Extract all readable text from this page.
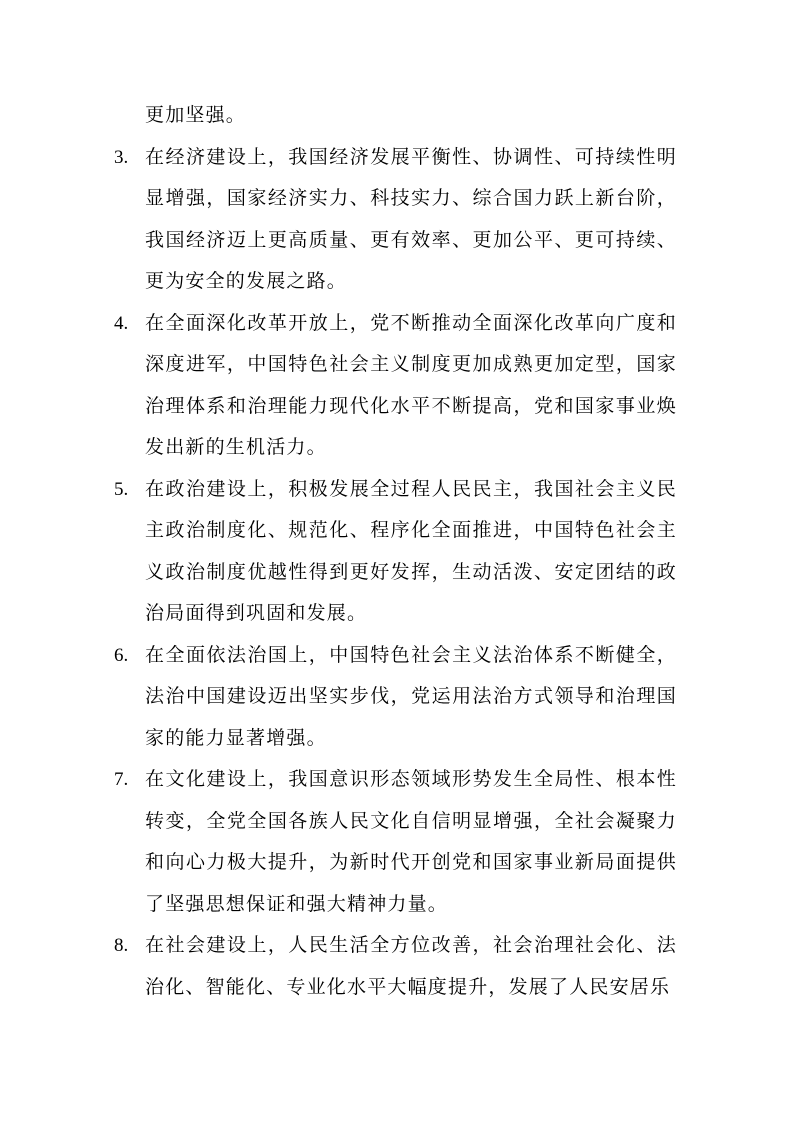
更加坚强。

3. 在经济建设上，我国经济发展平衡性、协调性、可持续性明显增强，国家经济实力、科技实力、综合国力跃上新台阶，我国经济迈上更高质量、更有效率、更加公平、更可持续、更为安全的发展之路。

4. 在全面深化改革开放上，党不断推动全面深化改革向广度和深度进军，中国特色社会主义制度更加成熟更加定型，国家治理体系和治理能力现代化水平不断提高，党和国家事业焕发出新的生机活力。

5. 在政治建设上，积极发展全过程人民民主，我国社会主义民主政治制度化、规范化、程序化全面推进，中国特色社会主义政治制度优越性得到更好发挥，生动活泼、安定团结的政治局面得到巩固和发展。

6. 在全面依法治国上，中国特色社会主义法治体系不断健全，法治中国建设迈出坚实步伐，党运用法治方式领导和治理国家的能力显著增强。

7. 在文化建设上，我国意识形态领域形势发生全局性、根本性转变，全党全国各族人民文化自信明显增强，全社会凝聚力和向心力极大提升，为新时代开创党和国家事业新局面提供了坚强思想保证和强大精神力量。

8. 在社会建设上，人民生活全方位改善，社会治理社会化、法治化、智能化、专业化水平大幅度提升，发展了人民安居乐
